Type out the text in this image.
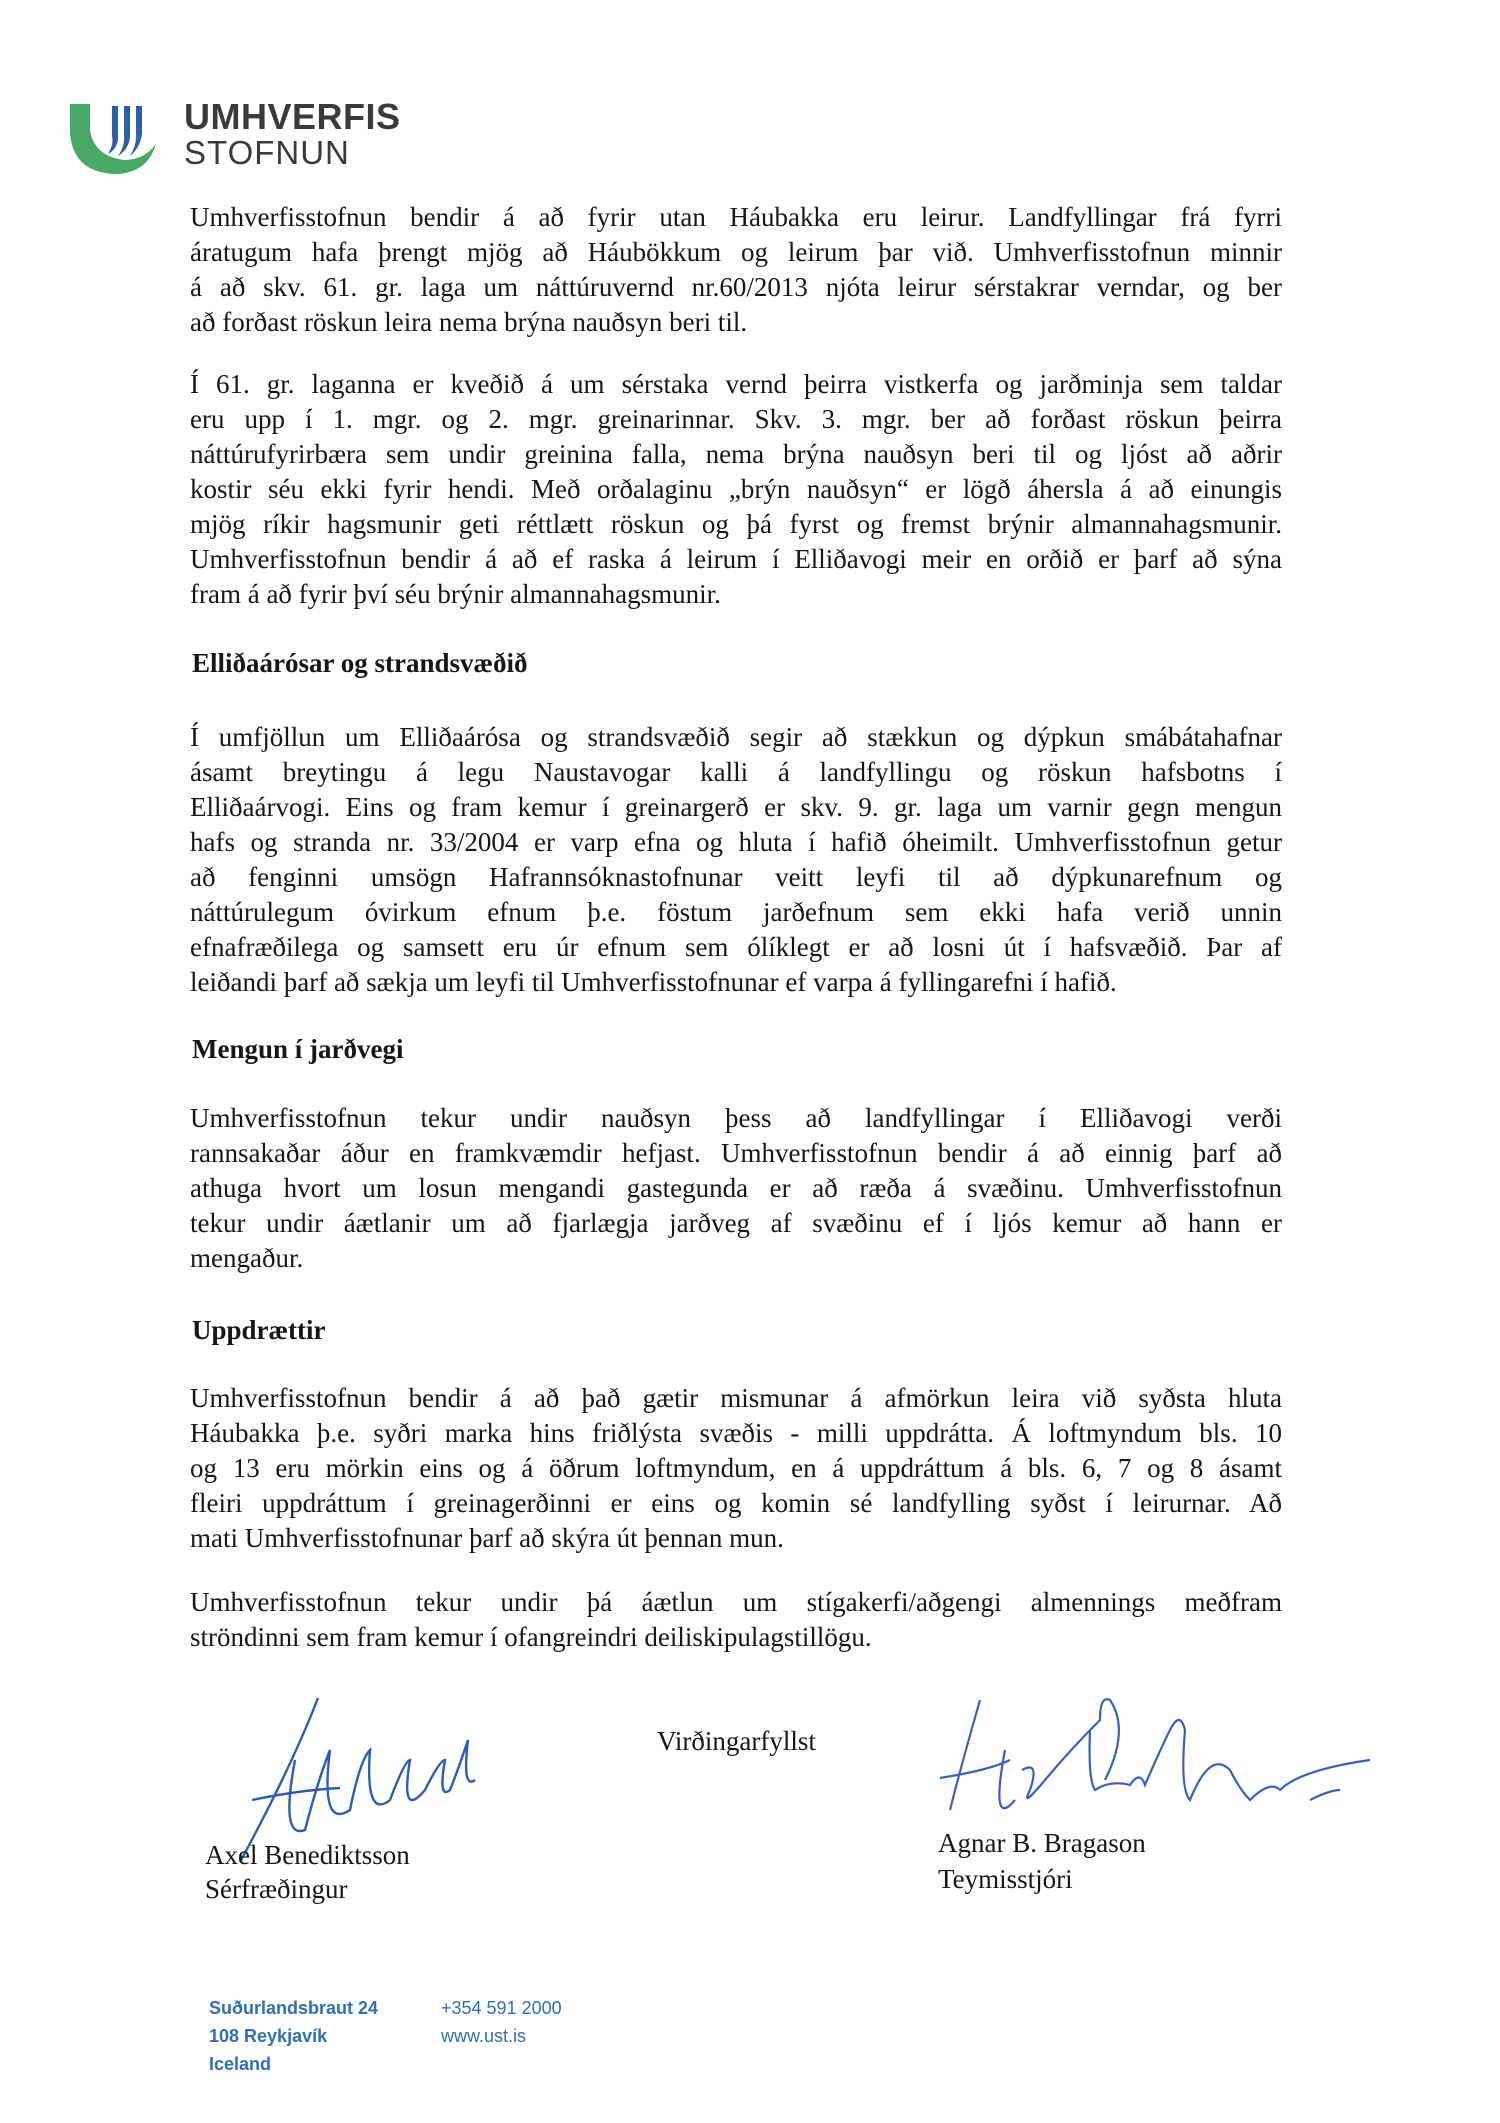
UMHVERFIS
STOFNUN
Umhverfisstofnun bendir á að fyrir utan Háubakka eru leirur. Landfyllingar frá fyrri
áratugum hafa þrengt mjög að Háubökkum og leirum þar við. Umhverfisstofnun minnir
á að skv. 61. gr. laga um náttúruvernd nr.60/2013 njóta leirur sérstakrar verndar, og ber
að forðast röskun leira nema brýna nauðsyn beri til.
Í 61. gr. laganna er kveðið á um sérstaka vernd þeirra vistkerfa og jarðminja sem taldar
eru upp í 1. mgr. og 2. mgr. greinarinnar. Skv. 3. mgr. ber að forðast röskun þeirra
náttúrufyrirbæra sem undir greinina falla, nema brýna nauðsyn beri til og ljóst að aðrir
kostir séu ekki fyrir hendi. Með orðalaginu „brýn nauðsyn“ er lögð áhersla á að einungis
mjög ríkir hagsmunir geti réttlætt röskun og þá fyrst og fremst brýnir almannahagsmunir.
Umhverfisstofnun bendir á að ef raska á leirum í Elliðavogi meir en orðið er þarf að sýna
fram á að fyrir því séu brýnir almannahagsmunir.
Elliðaárósar og strandsvæðið
Í umfjöllun um Elliðaárósa og strandsvæðið segir að stækkun og dýpkun smábátahafnar
ásamt breytingu á legu Naustavogar kalli á landfyllingu og röskun hafsbotns í
Elliðaárvogi. Eins og fram kemur í greinargerð er skv. 9. gr. laga um varnir gegn mengun
hafs og stranda nr. 33/2004 er varp efna og hluta í hafið óheimilt. Umhverfisstofnun getur
að fenginni umsögn Hafrannsóknastofnunar veitt leyfi til að dýpkunarefnum og
náttúrulegum óvirkum efnum þ.e. föstum jarðefnum sem ekki hafa verið unnin
efnafræðilega og samsett eru úr efnum sem ólíklegt er að losni út í hafsvæðið. Þar af
leiðandi þarf að sækja um leyfi til Umhverfisstofnunar ef varpa á fyllingarefni í hafið.
Mengun í jarðvegi
Umhverfisstofnun tekur undir nauðsyn þess að landfyllingar í Elliðavogi verði
rannsakaðar áður en framkvæmdir hefjast. Umhverfisstofnun bendir á að einnig þarf að
athuga hvort um losun mengandi gastegunda er að ræða á svæðinu. Umhverfisstofnun
tekur undir áætlanir um að fjarlægja jarðveg af svæðinu ef í ljós kemur að hann er
mengaður.
Uppdrættir
Umhverfisstofnun bendir á að það gætir mismunar á afmörkun leira við syðsta hluta
Háubakka þ.e. syðri marka hins friðlýsta svæðis - milli uppdrátta. Á loftmyndum bls. 10
og 13 eru mörkin eins og á öðrum loftmyndum, en á uppdráttum á bls. 6, 7 og 8 ásamt
fleiri uppdráttum í greinagerðinni er eins og komin sé landfylling syðst í leirurnar. Að
mati Umhverfisstofnunar þarf að skýra út þennan mun.
Umhverfisstofnun tekur undir þá áætlun um stígakerfi/aðgengi almennings meðfram
ströndinni sem fram kemur í ofangreindri deiliskipulagstillögu.
Virðingarfyllst
Axel Benediktsson
Sérfræðingur
Agnar B. Bragason
Teymisstjóri
Suðurlandsbraut 24
108 Reykjavík
Iceland
+354 591 2000
www.ust.is
